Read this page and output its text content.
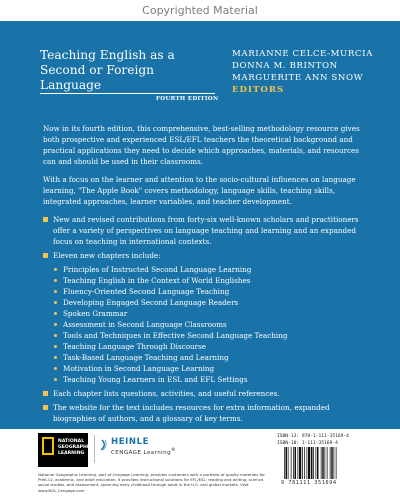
Copyrighted Material
Teaching English as a
Second or Foreign Language
FOURTH EDITION
MARIANNE CELCE-MURCIA
DONNA M. BRINTON
MARGUERITE ANN SNOW
EDITORS

Now in its fourth edition, this comprehensive, best-selling methodology resource gives both prospective and experienced ESL/EFL teachers the theoretical background and practical applications they need to decide which approaches, materials, and resources can and should be used in their classrooms.

With a focus on the learner and attention to the socio-cultural influences on language learning, "The Apple Book" covers methodology, language skills, teaching skills, integrated approaches, learner variables, and teacher development.

New and revised contributions from forty-six well-known scholars and practitioners offer a variety of perspectives on language teaching and learning and an expanded focus on teaching in international contexts.
Eleven new chapters include:
Principles of Instructed Second Language Learning
Teaching English in the Context of World Englishes
Fluency-Oriented Second Language Teaching
Developing Engaged Second Language Readers
Spoken Grammar
Assessment in Second Language Classrooms
Tools and Techniques in Effective Second Language Teaching
Teaching Language Through Discourse
Task-Based Language Teaching and Learning
Motivation in Second Language Learning
Teaching Young Learners in ESL and EFL Settings
Each chapter lists questions, activities, and useful references.
The website for the text includes resources for extra information, expanded biographies of authors, and a glossary of key terms.
NATIONAL
GEOGRAPHIC
LEARNING
HEINLE
CENGAGE Learning®
ISBN-13: 978-1-111-35169-4
ISBN-10: 1-111-35169-4
9 781111 351694
National Geographic Learning, part of Cengage Learning, provides customers with a portfolio of quality materials for PreK-12, academic, and adult education. It provides instructional solutions for EFL/ESL, reading and writing, science, social studies, and assessment, spanning early childhood through adult in the U.S. and global markets. Visit www.NGL.Cengage.com
